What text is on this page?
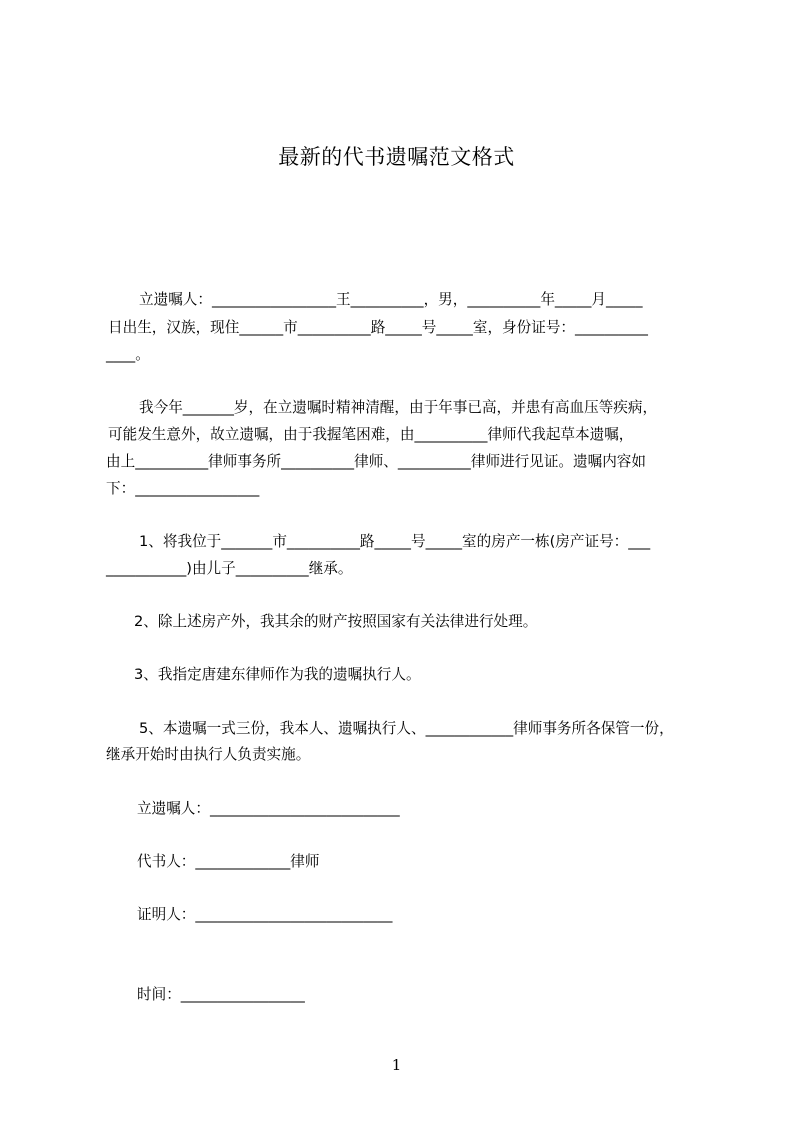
最新的代书遗嘱范文格式
立遗嘱人：_________________王__________，男，__________年_____月_____
日出生，汉族，现住______市__________路_____号_____室，身份证号：__________
____。
我今年_______岁，在立遗嘱时精神清醒，由于年事已高，并患有高血压等疾病，
可能发生意外，故立遗嘱，由于我握笔困难，由__________律师代我起草本遗嘱，
由上__________律师事务所__________律师、__________律师进行见证。遗嘱内容如
下：_________________
1、将我位于_______市__________路_____号_____室的房产一栋(房产证号：___
___________)由儿子__________继承。
2、除上述房产外，我其余的财产按照国家有关法律进行处理。
3、我指定唐建东律师作为我的遗嘱执行人。
5、本遗嘱一式三份，我本人、遗嘱执行人、____________律师事务所各保管一份，
继承开始时由执行人负责实施。
立遗嘱人：__________________________
代书人：_____________律师
证明人：___________________________
时间：_________________
1
